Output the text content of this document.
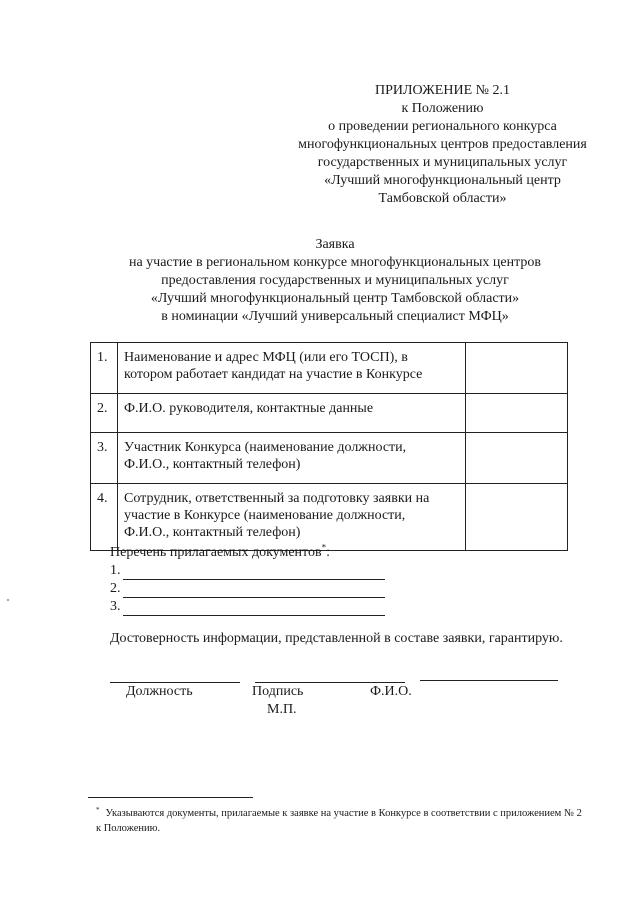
ПРИЛОЖЕНИЕ № 2.1
к Положению
о проведении регионального конкурса
многофункциональных центров предоставления
государственных и муниципальных услуг
«Лучший многофункциональный центр
Тамбовской области»
Заявка
на участие в региональном конкурсе многофункциональных центров
предоставления государственных и муниципальных услуг
«Лучший многофункциональный центр Тамбовской области»
в номинации «Лучший универсальный специалист МФЦ»
1.	Наименование и адрес МФЦ (или его ТОСП), в
котором работает кандидат на участие в Конкурсе	

2.	Ф.И.О. руководителя, контактные данные	

3.	Участник Конкурса (наименование должности,
Ф.И.О., контактный телефон)	

4.	Сотрудник, ответственный за подготовку заявки на
участие в Конкурсе (наименование должности,
Ф.И.О., контактный телефон)	

Перечень прилагаемых документов*:
1.
2.
3.
Достоверность информации, представленной в составе заявки, гарантирую.
Должность	Подпись	Ф.И.О.
М.П.
* Указываются документы, прилагаемые к заявке на участие в Конкурсе в соответствии с приложением № 2
к Положению.
